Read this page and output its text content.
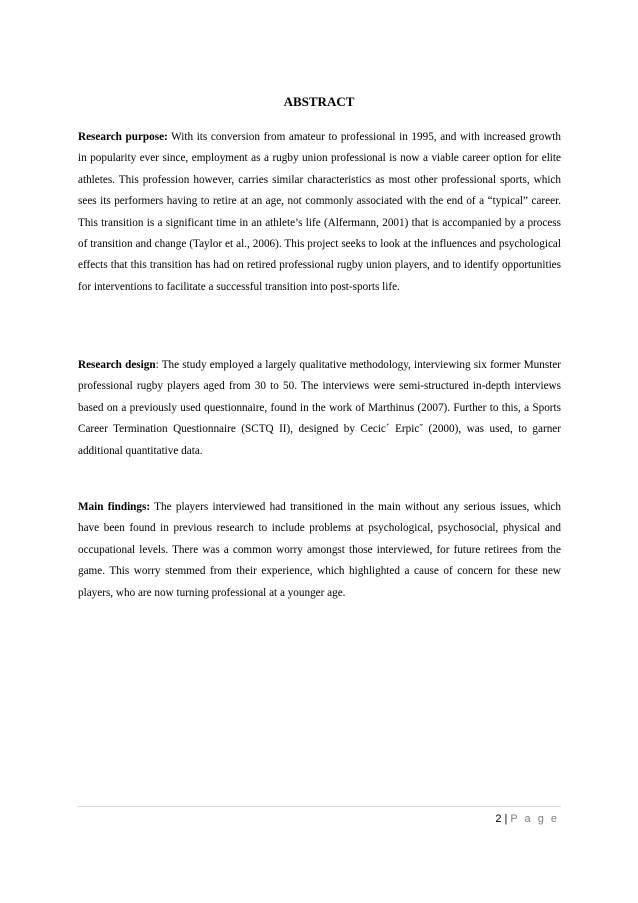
ABSTRACT
Research purpose: With its conversion from amateur to professional in 1995, and with increased growth in popularity ever since, employment as a rugby union professional is now a viable career option for elite athletes. This profession however, carries similar characteristics as most other professional sports, which sees its performers having to retire at an age, not commonly associated with the end of a “typical” career. This transition is a significant time in an athlete’s life (Alfermann, 2001) that is accompanied by a process of transition and change (Taylor et al., 2006). This project seeks to look at the influences and psychological effects that this transition has had on retired professional rugby union players, and to identify opportunities for interventions to facilitate a successful transition into post-sports life.
Research design: The study employed a largely qualitative methodology, interviewing six former Munster professional rugby players aged from 30 to 50. The interviews were semi-structured in-depth interviews based on a previously used questionnaire, found in the work of Marthinus (2007). Further to this, a Sports Career Termination Questionnaire (SCTQ II), designed by Cecic´ Erpic˘ (2000), was used, to garner additional quantitative data.
Main findings: The players interviewed had transitioned in the main without any serious issues, which have been found in previous research to include problems at psychological, psychosocial, physical and occupational levels. There was a common worry amongst those interviewed, for future retirees from the game. This worry stemmed from their experience, which highlighted a cause of concern for these new players, who are now turning professional at a younger age.
2 | P a g e
